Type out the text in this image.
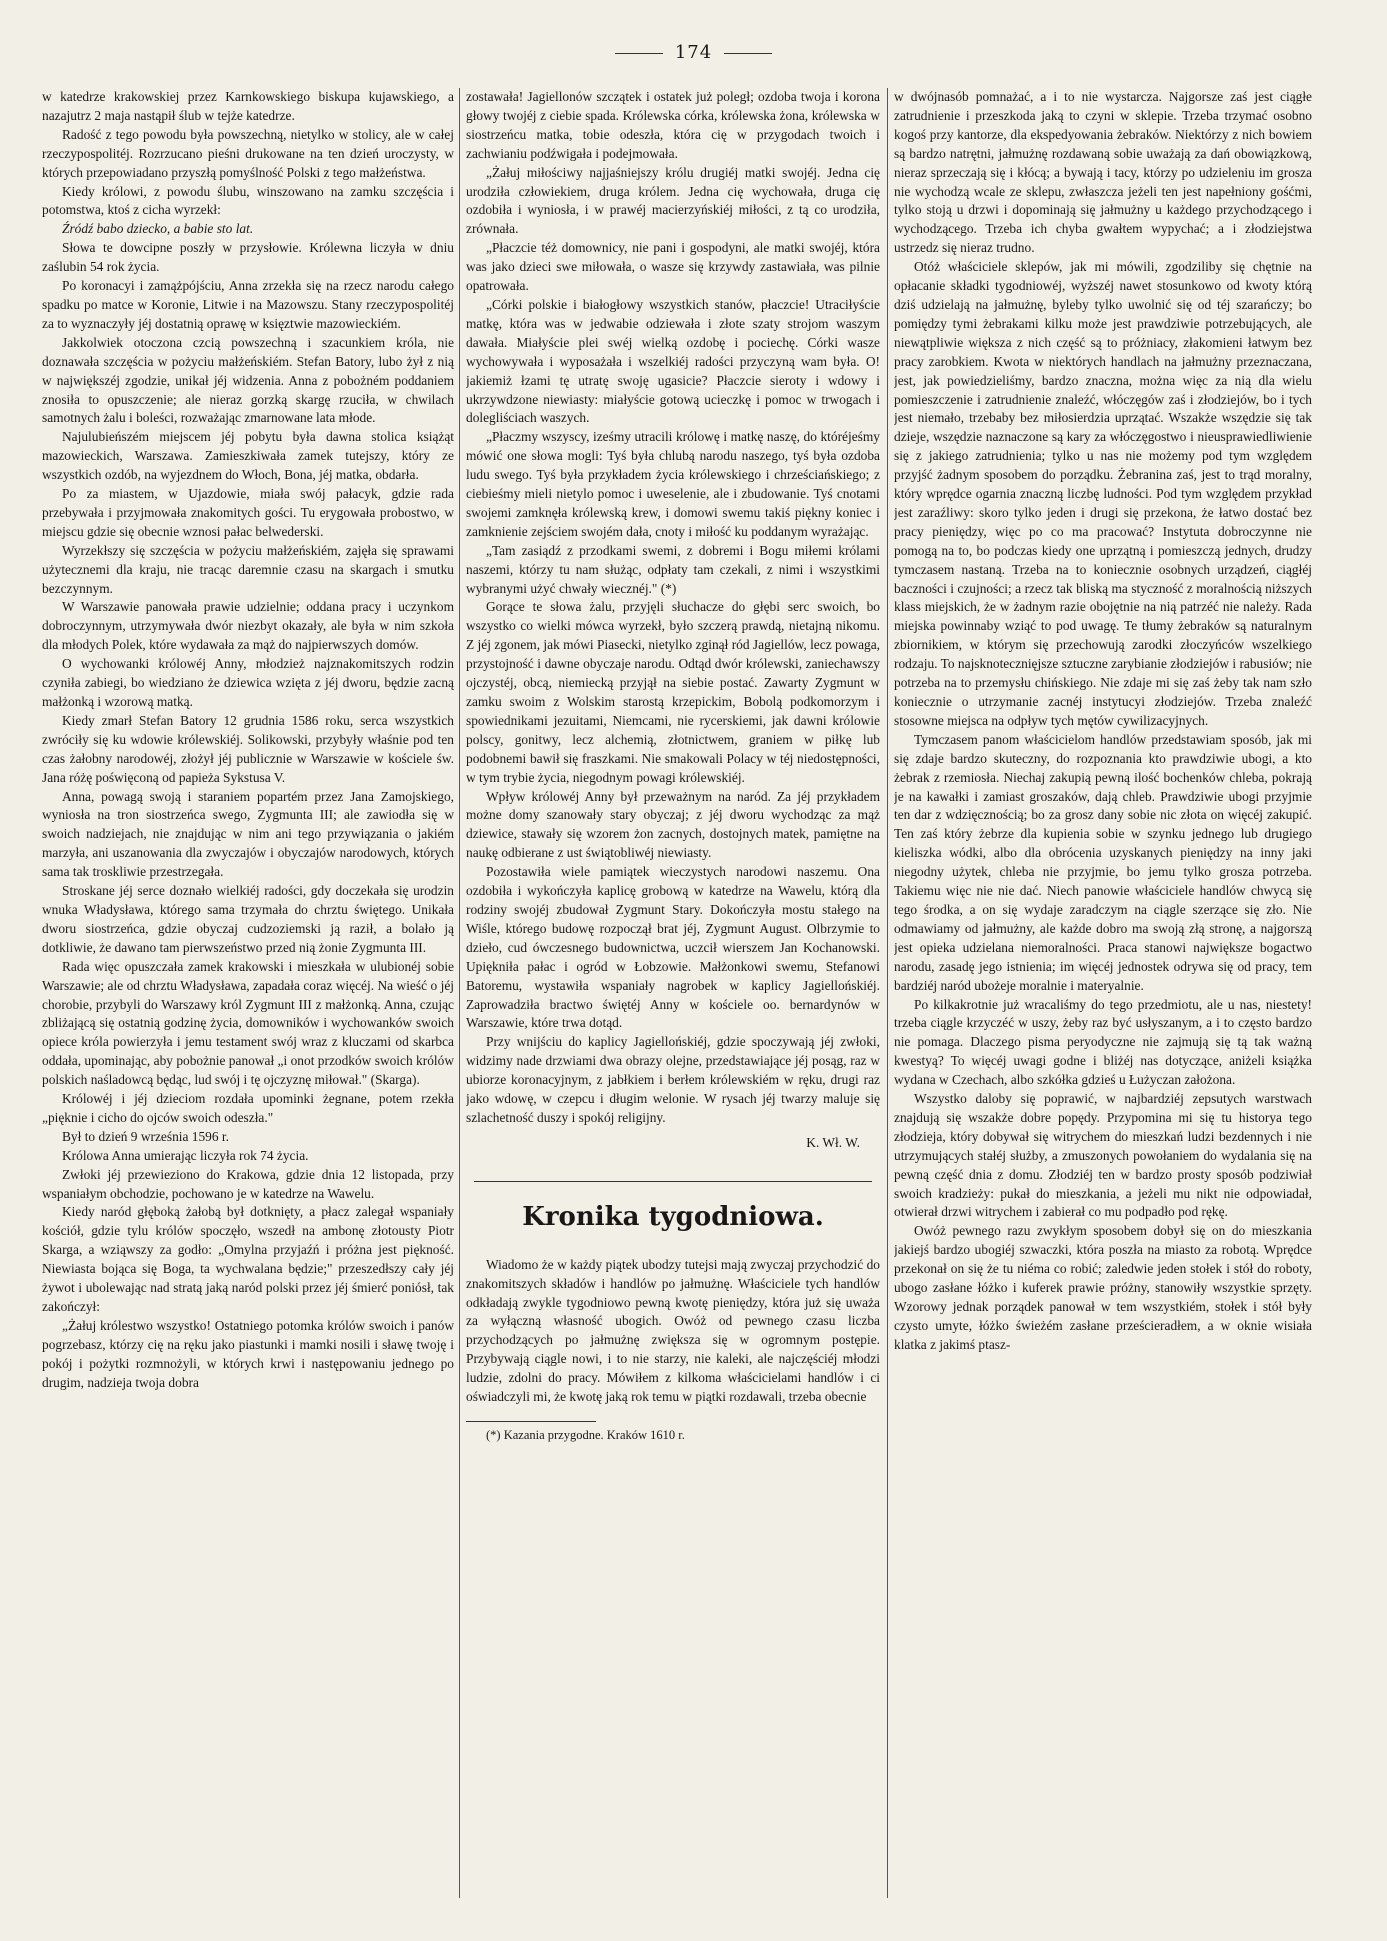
174

w katedrze krakowskiej przez Karnkowskiego biskupa kujawskiego, a nazajutrz 2 maja nastąpił ślub w tejże katedrze.

Radość z tego powodu była powszechną, nietylko w stolicy, ale w całej rzeczypospolitéj. Rozrzucano pieśni drukowane na ten dzień uroczysty, w których przepowiadano przyszłą pomyślność Polski z tego małżeństwa.

Kiedy królowi, z powodu ślubu, winszowano na zamku szczęścia i potomstwa, ktoś z cicha wyrzekł:

Źródź babo dziecko, a babie sto lat.

Słowa te dowcipne poszły w przysłowie. Królewna liczyła w dniu zaślubin 54 rok życia.

Po koronacyi i zamążpójściu, Anna zrzekła się na rzecz narodu całego spadku po matce w Koronie, Litwie i na Mazowszu. Stany rzeczypospolitéj za to wyznaczyły jéj dostatnią oprawę w księztwie mazowieckiém.

Jakkolwiek otoczona czcią powszechną i szacunkiem króla, nie doznawała szczęścia w pożyciu małżeńskiém. Stefan Batory, lubo żył z nią w największéj zgodzie, unikał jéj widzenia. Anna z pobożném poddaniem znosiła to opuszczenie; ale nieraz gorzką skargę rzuciła, w chwilach samotnych żalu i boleści, rozważając zmarnowane lata młode.

Najulubieńszém miejscem jéj pobytu była dawna stolica książąt mazowieckich, Warszawa. Zamieszkiwała zamek tutejszy, który ze wszystkich ozdób, na wyjezdnem do Włoch, Bona, jéj matka, obdarła.

Po za miastem, w Ujazdowie, miała swój pałacyk, gdzie rada przebywała i przyjmowała znakomitych gości. Tu erygowała probostwo, w miejscu gdzie się obecnie wznosi pałac belwederski.

Wyrzekłszy się szczęścia w pożyciu małżeńskiém, zajęła się sprawami użytecznemi dla kraju, nie tracąc daremnie czasu na skargach i smutku bezczynnym.

W Warszawie panowała prawie udzielnie; oddana pracy i uczynkom dobroczynnym, utrzymywała dwór niezbyt okazały, ale była w nim szkoła dla młodych Polek, które wydawała za mąż do najpierwszych domów.

O wychowanki królowéj Anny, młodzież najznakomitszych rodzin czyniła zabiegi, bo wiedziano że dziewica wzięta z jéj dworu, będzie zacną małżonką i wzorową matką.

Kiedy zmarł Stefan Batory 12 grudnia 1586 roku, serca wszystkich zwróciły się ku wdowie królewskiéj. Solikowski, przybyły właśnie pod ten czas żałobny narodowéj, złożył jéj publicznie w Warszawie w kościele św. Jana różę poświęconą od papieża Sykstusa V.

Anna, powagą swoją i staraniem popartém przez Jana Zamojskiego, wyniosła na tron siostrzeńca swego, Zygmunta III; ale zawiodła się w swoich nadziejach, nie znajdując w nim ani tego przywiązania o jakiém marzyła, ani uszanowania dla zwyczajów i obyczajów narodowych, których sama tak troskliwie przestrzegała.

Stroskane jéj serce doznało wielkiéj radości, gdy doczekała się urodzin wnuka Władysława, którego sama trzymała do chrztu świętego. Unikała dworu siostrzeńca, gdzie obyczaj cudzoziemski ją raził, a bolało ją dotkliwie, że dawano tam pierwszeństwo przed nią żonie Zygmunta III.

Rada więc opuszczała zamek krakowski i mieszkała w ulubionéj sobie Warszawie; ale od chrztu Władysława, zapadała coraz więcéj. Na wieść o jéj chorobie, przybyli do Warszawy król Zygmunt III z małżonką. Anna, czując zbliżającą się ostatnią godzinę życia, domowników i wychowanków swoich opiece króla powierzyła i jemu testament swój wraz z kluczami od skarbca oddała, upominając, aby pobożnie panował „i onot przodków swoich królów polskich naśladowcą będąc, lud swój i tę ojczyznę miłował." (Skarga).

Królowéj i jéj dzieciom rozdała upominki żegnane, potem rzekła „pięknie i cicho do ojców swoich odeszła."

Był to dzień 9 września 1596 r.

Królowa Anna umierając liczyła rok 74 życia.

Zwłoki jéj przewieziono do Krakowa, gdzie dnia 12 listopada, przy wspaniałym obchodzie, pochowano je w katedrze na Wawelu.

Kiedy naród głęboką żałobą był dotknięty, a płacz zalegał wspaniały kościół, gdzie tylu królów spoczęło, wszedł na ambonę złotousty Piotr Skarga, a wziąwszy za godło: „Omylna przyjaźń i próżna jest piękność. Niewiasta bojąca się Boga, ta wychwalana będzie;" przeszedłszy cały jéj żywot i ubolewając nad stratą jaką naród polski przez jéj śmierć poniósł, tak zakończył:

„Żałuj królestwo wszystko! Ostatniego potomka królów swoich i panów pogrzebasz, którzy cię na ręku jako piastunki i mamki nosili i sławę twoję i pokój i pożytki rozmnożyli, w których krwi i następowaniu jednego po drugim, nadzieja twoja dobra

zostawała! Jagiellonów szczątek i ostatek już poległ; ozdoba twoja i korona głowy twojéj z ciebie spada. Królewska córka, królewska żona, królewska w siostrzeńcu matka, tobie odeszła, która cię w przygodach twoich i zachwianiu podźwigała i podejmowała.

„Żałuj miłościwy najjaśniejszy królu drugiéj matki swojéj. Jedna cię urodziła człowiekiem, druga królem. Jedna cię wychowała, druga cię ozdobiła i wyniosła, i w prawéj macierzyńskiéj miłości, z tą co urodziła, zrównała.

„Płaczcie téż domownicy, nie pani i gospodyni, ale matki swojéj, która was jako dzieci swe miłowała, o wasze się krzywdy zastawiała, was pilnie opatrowała.

„Córki polskie i białogłowy wszystkich stanów, płaczcie! Utraciłyście matkę, która was w jedwabie odziewała i złote szaty strojom waszym dawała. Miałyście plei swéj wielką ozdobę i pociechę. Córki wasze wychowywała i wyposażała i wszelkiéj radości przyczyną wam była. O! jakiemiż łzami tę utratę swoję ugasicie? Płaczcie sieroty i wdowy i ukrzywdzone niewiasty: miałyście gotową ucieczkę i pomoc w trwogach i dolegliściach waszych.

„Płaczmy wszyscy, iześmy utracili królowę i matkę naszę, do któréjeśmy mówić one słowa mogli: Tyś była chlubą narodu naszego, tyś była ozdoba ludu swego. Tyś była przykładem życia królewskiego i chrześciańskiego; z ciebieśmy mieli nietylo pomoc i uweselenie, ale i zbudowanie. Tyś cnotami swojemi zamknęła królewską krew, i domowi swemu takiś piękny koniec i zamknienie zejściem swojém dała, cnoty i miłość ku poddanym wyrażając.

„Tam zasiądź z przodkami swemi, z dobremi i Bogu miłemi królami naszemi, którzy tu nam służąc, odpłaty tam czekali, z nimi i wszystkimi wybranymi użyć chwały wiecznéj." (*)

Gorące te słowa żalu, przyjęli słuchacze do głębi serc swoich, bo wszystko co wielki mówca wyrzekł, było szczerą prawdą, nietajną nikomu. Z jéj zgonem, jak mówi Piasecki, nietylko zginął ród Jagiellów, lecz powaga, przystojność i dawne obyczaje narodu. Odtąd dwór królewski, zaniechawszy ojczystéj, obcą, niemiecką przyjął na siebie postać. Zawarty Zygmunt w zamku swoim z Wolskim starostą krzepickim, Bobolą podkomorzym i spowiednikami jezuitami, Niemcami, nie rycerskiemi, jak dawni królowie polscy, gonitwy, lecz alchemią, złotnictwem, graniem w piłkę lub podobnemi bawił się fraszkami. Nie smakowali Polacy w téj niedostępności, w tym trybie życia, niegodnym powagi królewskiéj.

Wpływ królowéj Anny był przeważnym na naród. Za jéj przykładem możne domy szanowały stary obyczaj; z jéj dworu wychodząc za mąż dziewice, stawały się wzorem żon zacnych, dostojnych matek, pamiętne na naukę odbierane z ust świątobliwéj niewiasty.

Pozostawiła wiele pamiątek wieczystych narodowi naszemu. Ona ozdobiła i wykończyła kaplicę grobową w katedrze na Wawelu, którą dla rodziny swojéj zbudował Zygmunt Stary. Dokończyła mostu stałego na Wiśle, którego budowę rozpoczął brat jéj, Zygmunt August. Olbrzymie to dzieło, cud ówczesnego budownictwa, uczcił wierszem Jan Kochanowski. Upiękniła pałac i ogród w Łobzowie. Małżonkowi swemu, Stefanowi Batoremu, wystawiła wspaniały nagrobek w kaplicy Jagiellońskiéj. Zaprowadziła bractwo świętéj Anny w kościele oo. bernardynów w Warszawie, które trwa dotąd.

Przy wnijściu do kaplicy Jagiellońskiéj, gdzie spoczywają jéj zwłoki, widzimy nade drzwiami dwa obrazy olejne, przedstawiające jéj posąg, raz w ubiorze koronacyjnym, z jabłkiem i berłem królewskiém w ręku, drugi raz jako wdowę, w czepcu i długim welonie. W rysach jéj twarzy maluje się szlachetność duszy i spokój religijny.

K. Wł. W.
Kronika tygodniowa.

Wiadomo że w każdy piątek ubodzy tutejsi mają zwyczaj przychodzić do znakomitszych składów i handlów po jałmużnę. Właściciele tych handlów odkładają zwykle tygodniowo pewną kwotę pieniędzy, która już się uważa za wyłączną własność ubogich. Owóż od pewnego czasu liczba przychodzących po jałmużnę zwiększa się w ogromnym postępie. Przybywają ciągle nowi, i to nie starzy, nie kaleki, ale najczęściéj młodzi ludzie, zdolni do pracy. Mówiłem z kilkoma właścicielami handlów i ci oświadczyli mi, że kwotę jaką rok temu w piątki rozdawali, trzeba obecnie

(*) Kazania przygodne. Kraków 1610 r.

w dwójnasób pomnażać, a i to nie wystarcza. Najgorsze zaś jest ciągłe zatrudnienie i przeszkoda jaką to czyni w sklepie. Trzeba trzymać osobno kogoś przy kantorze, dla ekspedyowania żebraków. Niektórzy z nich bowiem są bardzo natrętni, jałmużnę rozdawaną sobie uważają za dań obowiązkową, nieraz sprzeczają się i kłócą; a bywają i tacy, którzy po udzieleniu im grosza nie wychodzą wcale ze sklepu, zwłaszcza jeżeli ten jest napełniony gośćmi, tylko stoją u drzwi i dopominają się jałmużny u każdego przychodzącego i wychodzącego. Trzeba ich chyba gwałtem wypychać; a i złodziejstwa ustrzedz się nieraz trudno.

Otóż właściciele sklepów, jak mi mówili, zgodziliby się chętnie na opłacanie składki tygodniowéj, wyższéj nawet stosunkowo od kwoty którą dziś udzielają na jałmużnę, byleby tylko uwolnić się od téj szarańczy; bo pomiędzy tymi żebrakami kilku może jest prawdziwie potrzebujących, ale niewątpliwie większa z nich część są to próżniacy, złakomieni łatwym bez pracy zarobkiem. Kwota w niektórych handlach na jałmużny przeznaczana, jest, jak powiedzieliśmy, bardzo znaczna, można więc za nią dla wielu pomieszczenie i zatrudnienie znaleźć, włóczęgów zaś i złodziejów, bo i tych jest niemało, trzebaby bez miłosierdzia uprzątać. Wszakże wszędzie się tak dzieje, wszędzie naznaczone są kary za włóczęgostwo i nieusprawiedliwienie się z jakiego zatrudnienia; tylko u nas nie możemy pod tym względem przyjść żadnym sposobem do porządku. Żebranina zaś, jest to trąd moralny, który wprędce ogarnia znaczną liczbę ludności. Pod tym względem przykład jest zaraźliwy: skoro tylko jeden i drugi się przekona, że łatwo dostać bez pracy pieniędzy, więc po co ma pracować? Instytuta dobroczynne nie pomogą na to, bo podczas kiedy one uprzątną i pomieszczą jednych, drudzy tymczasem nastaną. Trzeba na to koniecznie osobnych urządzeń, ciągłéj baczności i czujności; a rzecz tak bliską ma styczność z moralnością niższych klass miejskich, że w żadnym razie obojętnie na nią patrzéć nie należy. Rada miejska powinnaby wziąć to pod uwagę. Te tłumy żebraków są naturalnym zbiornikiem, w którym się przechowują zarodki złoczyńców wszelkiego rodzaju. To najsknotecznięjsze sztuczne zarybianie złodziejów i rabusiów; nie potrzeba na to przemysłu chińskiego. Nie zdaje mi się zaś żeby tak nam szło koniecznie o utrzymanie zacnéj instytucyi złodziejów. Trzeba znaleźć stosowne miejsca na odpływ tych mętów cywilizacyjnych.

Tymczasem panom właścicielom handlów przedstawiam sposób, jak mi się zdaje bardzo skuteczny, do rozpoznania kto prawdziwie ubogi, a kto żebrak z rzemiosła. Niechaj zakupią pewną ilość bochenków chleba, pokrają je na kawałki i zamiast groszaków, dają chleb. Prawdziwie ubogi przyjmie ten dar z wdzięcznością; bo za grosz dany sobie nic złota on więcéj zakupić. Ten zaś który żebrze dla kupienia sobie w szynku jednego lub drugiego kieliszka wódki, albo dla obrócenia uzyskanych pieniędzy na inny jaki niegodny użytek, chleba nie przyjmie, bo jemu tylko grosza potrzeba. Takiemu więc nie nie dać. Niech panowie właściciele handlów chwycą się tego środka, a on się wydaje zaradczym na ciągle szerzące się zło. Nie odmawiamy od jałmużny, ale każde dobro ma swoją złą stronę, a najgorszą jest opieka udzielana niemoralności. Praca stanowi największe bogactwo narodu, zasadę jego istnienia; im więcéj jednostek odrywa się od pracy, tem bardziéj naród ubożeje moralnie i materyalnie.

Po kilkakrotnie już wracaliśmy do tego przedmiotu, ale u nas, niestety! trzeba ciągle krzyczéć w uszy, żeby raz być usłyszanym, a i to często bardzo nie pomaga. Dlaczego pisma peryodyczne nie zajmują się tą tak ważną kwestyą? To więcéj uwagi godne i bliżéj nas dotyczące, aniżeli książka wydana w Czechach, albo szkółka gdzieś u Łużyczan założona.

Wszystko daloby się poprawić, w najbardziéj zepsutych warstwach znajdują się wszakże dobre popędy. Przypomina mi się tu historya tego złodzieja, który dobywał się witrychem do mieszkań ludzi bezdennych i nie utrzymujących stałéj służby, a zmuszonych powołaniem do wydalania się na pewną część dnia z domu. Złodziéj ten w bardzo prosty sposób podziwiał swoich kradzieży: pukał do mieszkania, a jeżeli mu nikt nie odpowiadał, otwierał drzwi witrychem i zabierał co mu podpadło pod rękę.

Owóż pewnego razu zwykłym sposobem dobył się on do mieszkania jakiejś bardzo ubogiéj szwaczki, która poszła na miasto za robotą. Wprędce przekonał on się że tu niéma co robić; zaledwie jeden stołek i stół do roboty, ubogo zasłane łóżko i kuferek prawie próżny, stanowiły wszystkie sprzęty. Wzorowy jednak porządek panował w tem wszystkiém, stołek i stół były czysto umyte, łóżko świeżém zasłane prześcieradłem, a w oknie wisiała klatka z jakimś ptasz-
